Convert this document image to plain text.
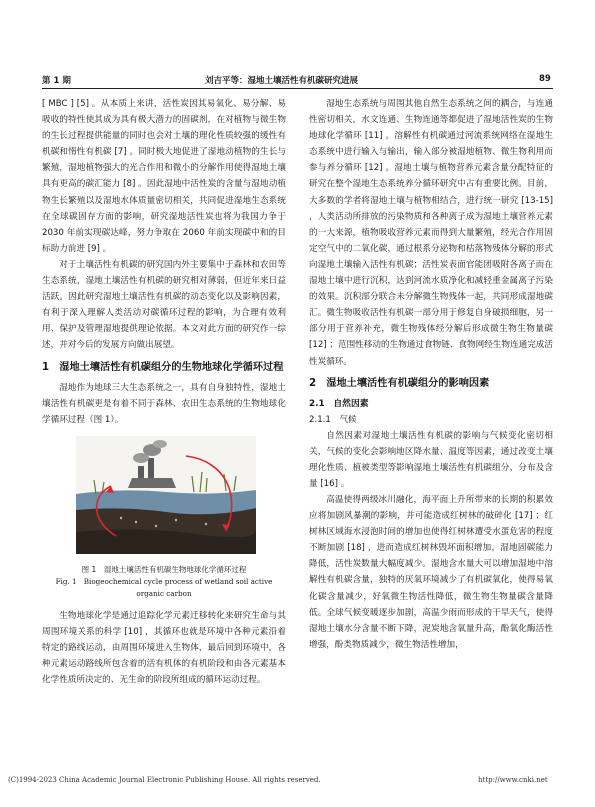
第 1 期	刘吉平等：湿地土壤活性有机碳研究进展	89

[ MBC ] [5] 。从本质上来讲，活性炭因其易氧化、易分解、易吸收的特性使其成为具有极大潜力的固碳剂，在对植物与微生物的生长过程提供能量的同时也会对土壤的理化性质较强的缓性有机碳和惰性有机碳 [7] 。同时极大地促进了湿地动植物的生长与繁殖，湿地植物强大的光合作用和微小的分解作用使得湿地土壤具有更高的碳汇能力 [8] 。因此湿地中活性炭的含量与湿地动植物生长繁殖以及湿地水体质量密切相关，共同促进湿地生态系统在全球碳固存方面的影响，研究湿地活性炭也将为我国力争于 2030 年前实现碳达峰，努力争取在 2060 年前实现碳中和的目标助力前进 [9] 。

对于土壤活性有机碳的研究国内外主要集中于森林和农田等生态系统，湿地土壤活性有机碳的研究相对薄弱，但近年来日益活跃。因此研究湿地土壤活性有机碳的动态变化以及影响因素，有利于深入理解人类活动对碳循环过程的影响，为合理有效利用、保护及管理湿地提供理论依据。本文对此方面的研究作一综述，并对今后的发展方向做出展望。

1　湿地土壤活性有机碳组分的生物地球化学循环过程

湿地作为地球三大生态系统之一，具有自身独特性，湿地土壤活性有机碳更是有着不同于森林、农田生态系统的生物地球化学循环过程（图 1）。

图 1　湿地土壤活性有机碳生物地球化学循环过程
Fig. 1　Biogeochemical cycle process of wetland soil active organic carbon

生物地球化学是通过追踪化学元素迁移转化来研究生命与其周围环境关系的科学 [10] ，其循环也就是环境中各种元素沿着特定的路线运动，由周围环境进入生物体，最后回到环境中，各种元素运动路线所包含着的活有机体的有机阶段和由各元素基本化学性质所决定的、无生命的阶段所组成的循环运动过程。

湿地生态系统与周围其他自然生态系统之间的耦合，与连通性密切相关，水文连通、生物连通等都促进了湿地活性炭的生物地球化学循环 [11] 。溶解性有机碳通过河流系统网络在湿地生态系统中进行输入与输出，输入部分被湿地植物、微生物利用而参与养分循环 [12] 。湿地土壤与植物营养元素含量分配特征的研究在整个湿地生态系统养分循环研究中占有重要比例。目前，大多数的学者将湿地土壤与植物相结合，进行统一研究 [13-15] ，人类活动所排放的污染物质和各种离子成为湿地土壤营养元素的一大来源，植物吸收营养元素而得到大量繁殖，经光合作用固定空气中的二氧化碳，通过根系分泌物和枯落物残体分解的形式向湿地土壤输入活性有机碳；活性炭表面官能团吸附各离子而在湿地土壤中进行沉积，达到河流水质净化和减轻重金属离子污染的效果。沉积部分联合未分解微生物残体一起，共同形成湿地碳汇。微生物吸收活性有机碳一部分用于修复自身破损细胞，另一部分用于营养补充，微生物残体经分解后形成微生物生物量碳 [12] ；范围性移动的生物通过食物链、食物网经生物连通完成活性炭循环。

2　湿地土壤活性有机碳组分的影响因素
2.1　自然因素
2.1.1　气候

自然因素对湿地土壤活性有机碳的影响与气候变化密切相关，气候的变化会影响地区降水量、温度等因素，通过改变土壤理化性质、植被类型等影响湿地土壤活性有机碳组分、分布及含量 [16] 。

高温使得两级冰川融化，海平面上升所带来的长期的积累效应将加剧风暴潮的影响，并可能造成红树林的破碎化 [17] ；红树林区域海水浸泡时间的增加也使得红树林遭受水蛋危害的程度不断加剧 [18] ，进而造成红树林毁坏面积增加，湿地固碳能力降低，活性炭数量大幅度减少。湿地含水量大可以增加湿地中溶解性有机碳含量，独特的厌氧环境减少了有机碳氧化，使得易氧化碳含量减少，好氧微生物活性降低，微生物生物量碳含量降低。全球气候变暖逐步加剧，高温少雨而形成的干旱天气，使得湿地土壤水分含量不断下降，泥炭地含氧量升高，酚氧化酶活性增强，酚类物质减少，微生物活性增加，

(C)1994-2023 China Academic Journal Electronic Publishing House. All rights reserved.	http://www.cnki.net
